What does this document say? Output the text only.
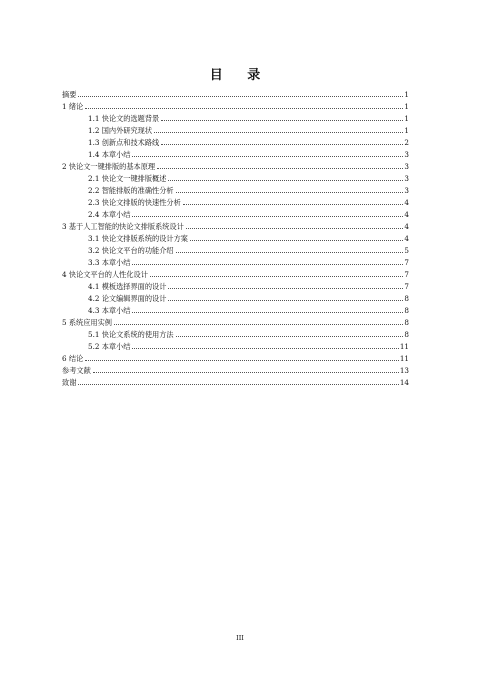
目 录
摘要	1
1 绪论	1
1.1 快论文的选题背景	1
1.2 国内外研究现状	1
1.3 创新点和技术路线	2
1.4 本章小结	3
2 快论文一键排版的基本原理	3
2.1 快论文一键排版概述	3
2.2 智能排版的准确性分析	3
2.3 快论文排版的快速性分析	4
2.4 本章小结	4
3 基于人工智能的快论文排版系统设计	4
3.1 快论文排版系统的设计方案	4
3.2 快论文平台的功能介绍	5
3.3 本章小结	7
4 快论文平台的人性化设计	7
4.1 模板选择界面的设计	7
4.2 论文编辑界面的设计	8
4.3 本章小结	8
5 系统应用实例	8
5.1 快论文系统的使用方法	8
5.2 本章小结	11
6 结论	11
参考文献	13
致谢	14
III
